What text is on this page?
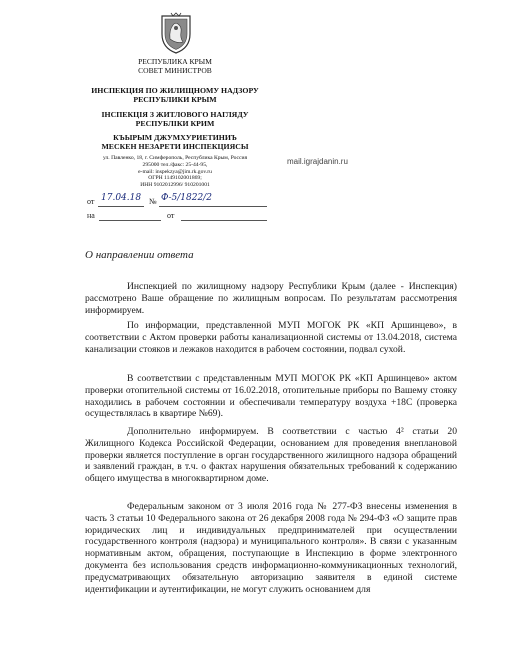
РЕСПУБЛИКА КРЫМ
СОВЕТ МИНИСТРОВ
ИНСПЕКЦИЯ ПО ЖИЛИЩНОМУ НАДЗОРУ
РЕСПУБЛИКИ КРЫМ
ІНСПЕКЦІЯ З ЖИТЛОВОГО НАГЛЯДУ
РЕСПУБЛІКИ КРИМ
КЪЫРЫМ ДЖУМХУРИЕТИНИЪ
МЕСКЕН НЕЗАРЕТИ ИНСПЕКЦИЯСЫ
ул. Павленко, 18, г. Симферополь, Республика Крым, Россия
295000 тел./факс: 25-44-95,
e-mail: inspekzya@jim.rk.gov.ru
ОГРН 1149102001869;
ИНН 9102012996/ 910201001
mail.igrajdanin.ru
от 17.04.18 № Ф-5/1822/2
на	от
О направлении ответа
Инспекцией по жилищному надзору Республики Крым (далее - Инспекция) рассмотрено Ваше обращение по жилищным вопросам. По результатам рассмотрения информируем.
По информации, представленной МУП МОГОК РК «КП Аршинцево», в соответствии с Актом проверки работы канализационной системы от 13.04.2018, система канализации стояков и лежаков находится в рабочем состоянии, подвал сухой.
В соответствии с представленным МУП МОГОК РК «КП Аршинцево» актом проверки отопительной системы от 16.02.2018, отопительные приборы по Вашему стояку находились в рабочем состоянии и обеспечивали температуру воздуха +18С (проверка осуществлялась в квартире №69).
Дополнительно информируем. В соответствии с частью 4² статьи 20 Жилищного Кодекса Российской Федерации, основанием для проведения внеплановой проверки является поступление в орган государственного жилищного надзора обращений и заявлений граждан, в т.ч. о фактах нарушения обязательных требований к содержанию общего имущества в многоквартирном доме.
Федеральным законом от 3 июля 2016 года № 277-ФЗ внесены изменения в часть 3 статьи 10 Федерального закона от 26 декабря 2008 года № 294-ФЗ «О защите прав юридических лиц и индивидуальных предпринимателей при осуществлении государственного контроля (надзора) и муниципального контроля». В связи с указанным нормативным актом, обращения, поступающие в Инспекцию в форме электронного документа без использования средств информационно-коммуникационных технологий, предусматривающих обязательную авторизацию заявителя в единой системе идентификации и аутентификации, не могут служить основанием для
